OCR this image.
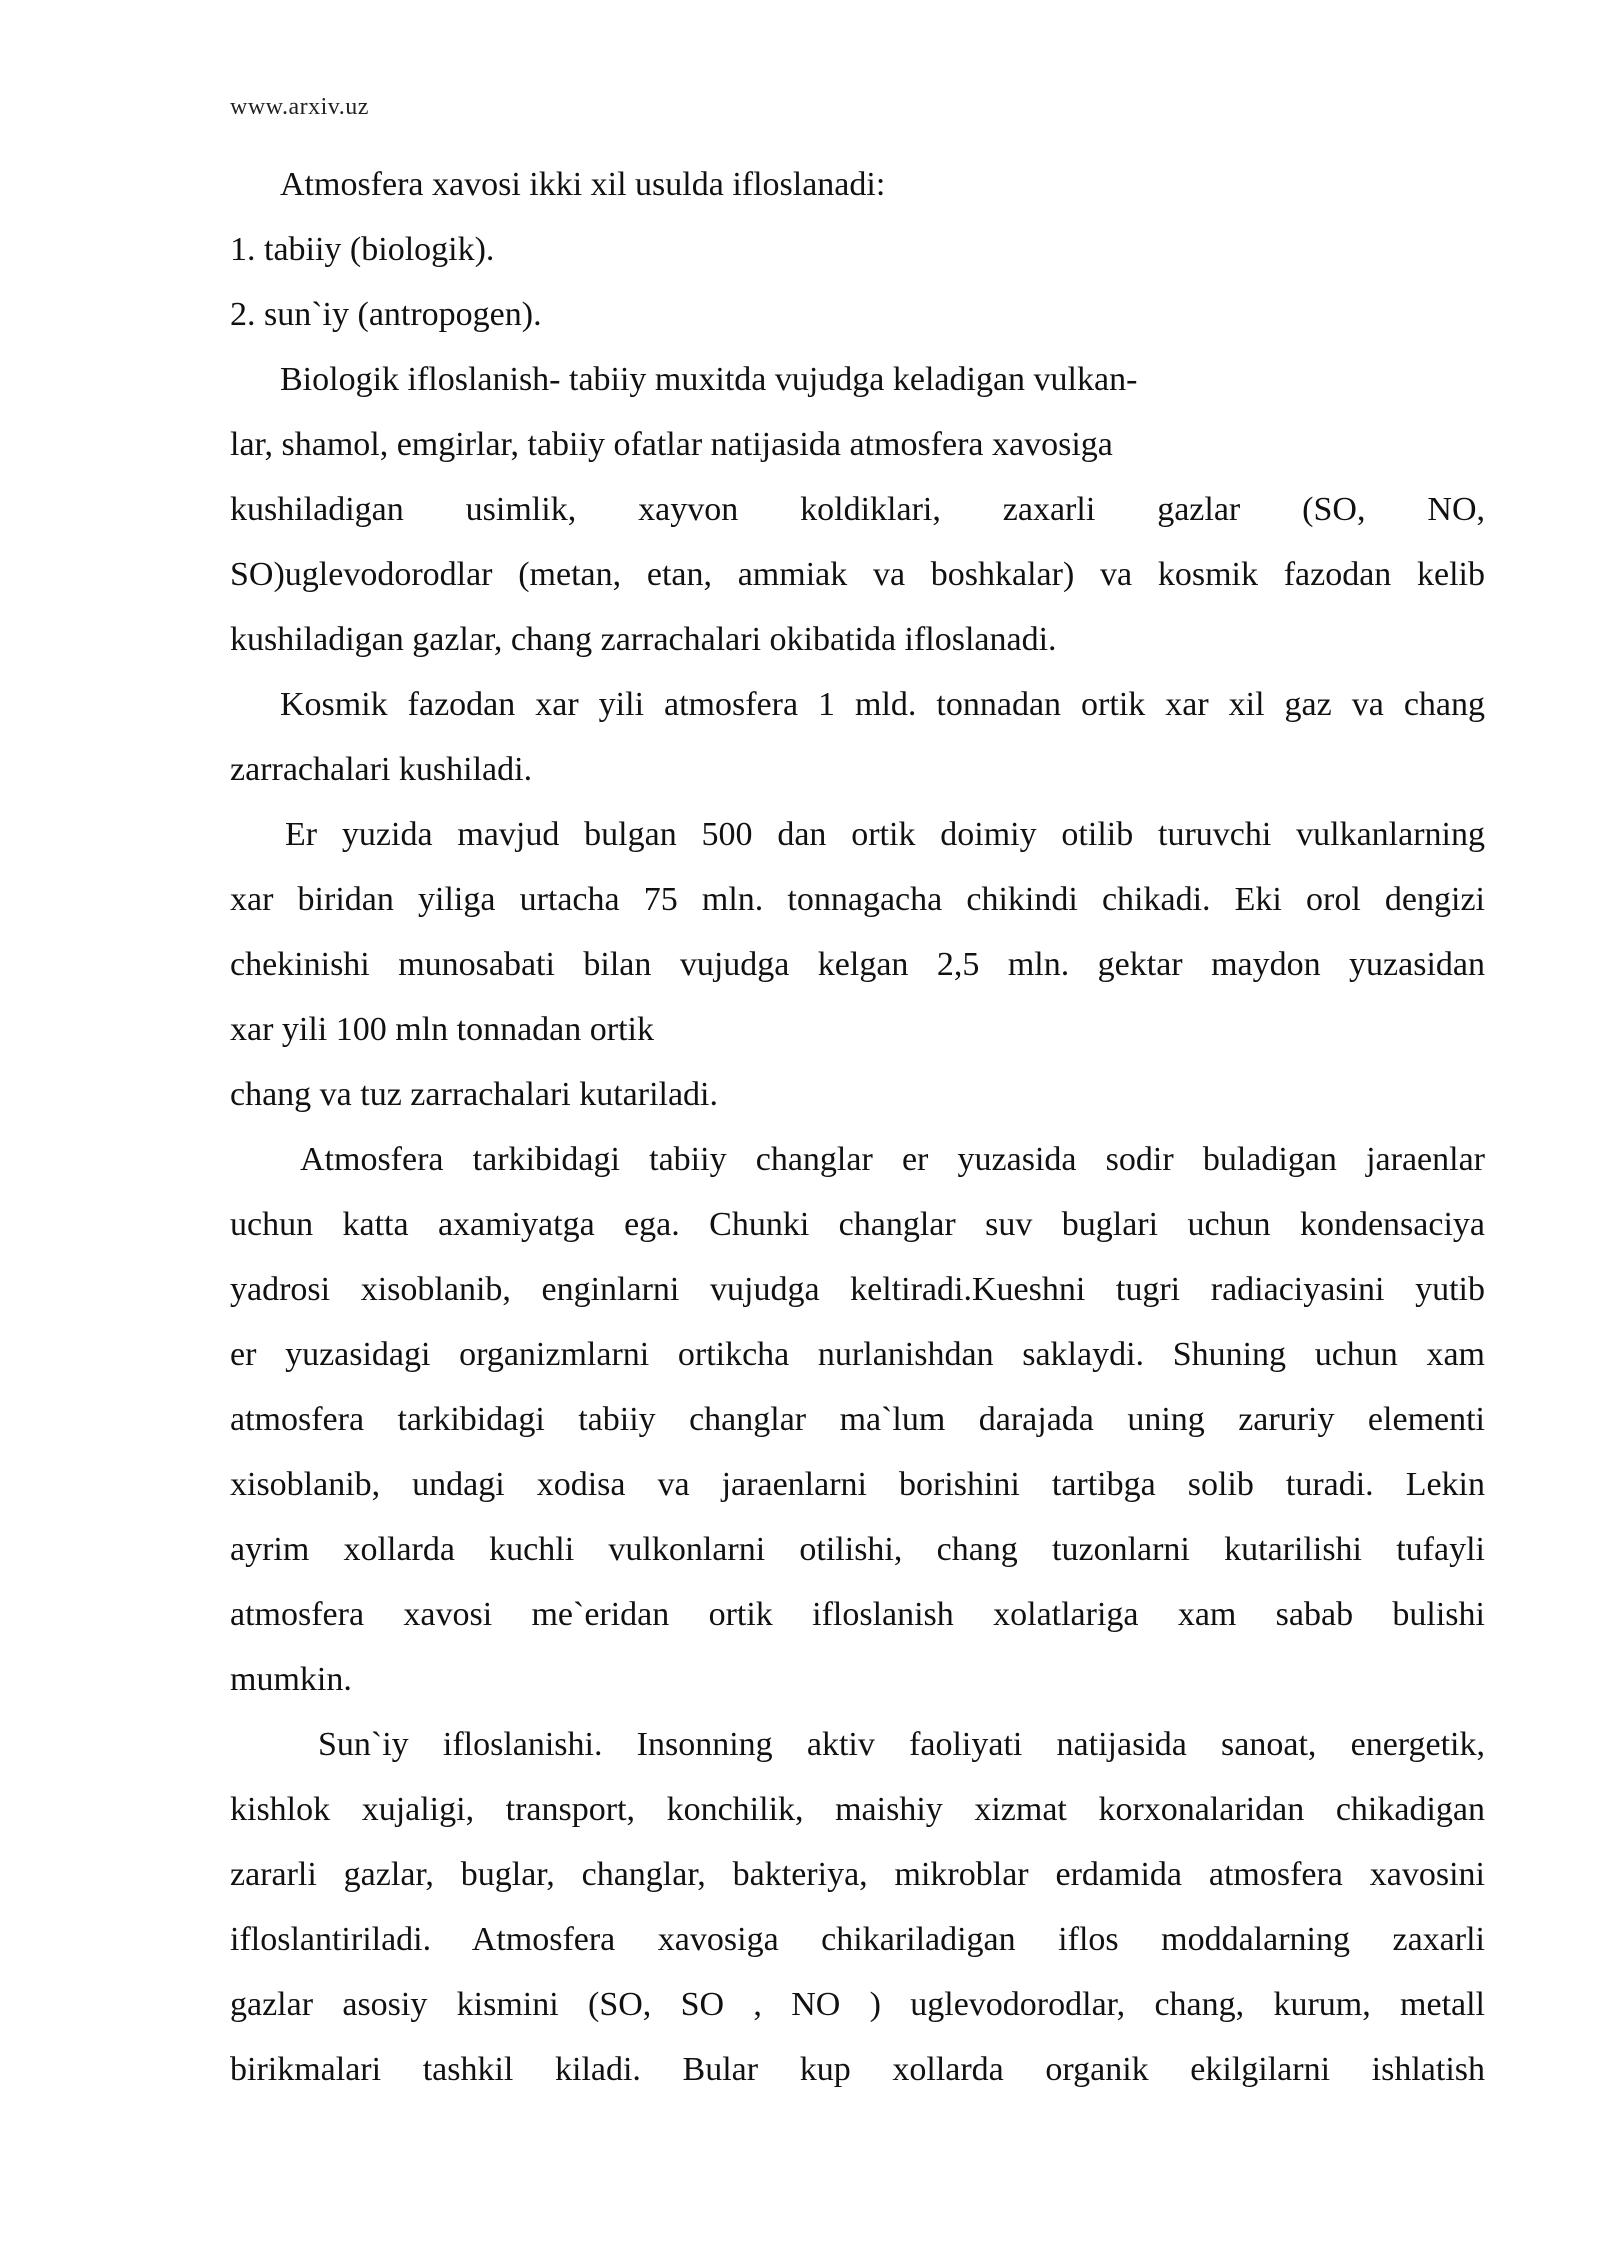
www.arxiv.uz
Atmosfera xavosi ikki xil usulda ifloslanadi:
1. tabiiy (biologik).
2. sun`iy (antropogen).
Biologik ifloslanish- tabiiy muxitda vujudga keladigan vulkan-
lar, shamol, emgirlar, tabiiy ofatlar natijasida atmosfera xavosiga
kushiladigan usimlik, xayvon koldiklari, zaxarli gazlar (SO, NO,
SO)uglevodorodlar (metan, etan, ammiak va boshkalar) va kosmik fazodan kelib
kushiladigan gazlar, chang zarrachalari okibatida ifloslanadi.
Kosmik fazodan xar yili atmosfera 1 mld. tonnadan ortik xar xil gaz va chang
zarrachalari kushiladi.
Er yuzida mavjud bulgan 500 dan ortik doimiy otilib turuvchi vulkanlarning
xar biridan yiliga urtacha 75 mln. tonnagacha chikindi chikadi. Eki orol dengizi
chekinishi munosabati bilan vujudga kelgan 2,5 mln. gektar maydon yuzasidan
xar yili 100 mln tonnadan ortik
chang va tuz zarrachalari kutariladi.
Atmosfera tarkibidagi tabiiy changlar er yuzasida sodir buladigan jaraenlar
uchun katta axamiyatga ega. Chunki changlar suv buglari uchun kondensaciya
yadrosi xisoblanib, enginlarni vujudga keltiradi.Kueshni tugri radiaciyasini yutib
er yuzasidagi organizmlarni ortikcha nurlanishdan saklaydi. Shuning uchun xam
atmosfera tarkibidagi tabiiy changlar ma`lum darajada uning zaruriy elementi
xisoblanib, undagi xodisa va jaraenlarni borishini tartibga solib turadi. Lekin
ayrim xollarda kuchli vulkonlarni otilishi, chang tuzonlarni kutarilishi tufayli
atmosfera xavosi me`eridan ortik ifloslanish xolatlariga xam sabab bulishi
mumkin.
Sun`iy ifloslanishi. Insonning aktiv faoliyati natijasida sanoat, energetik,
kishlok xujaligi, transport, konchilik, maishiy xizmat korxonalaridan chikadigan
zararli gazlar, buglar, changlar, bakteriya, mikroblar erdamida atmosfera xavosini
ifloslantiriladi. Atmosfera xavosiga chikariladigan iflos moddalarning zaxarli
gazlar asosiy kismini (SO, SO , NO ) uglevodorodlar, chang, kurum, metall
birikmalari tashkil kiladi. Bular kup xollarda organik ekilgilarni ishlatish
